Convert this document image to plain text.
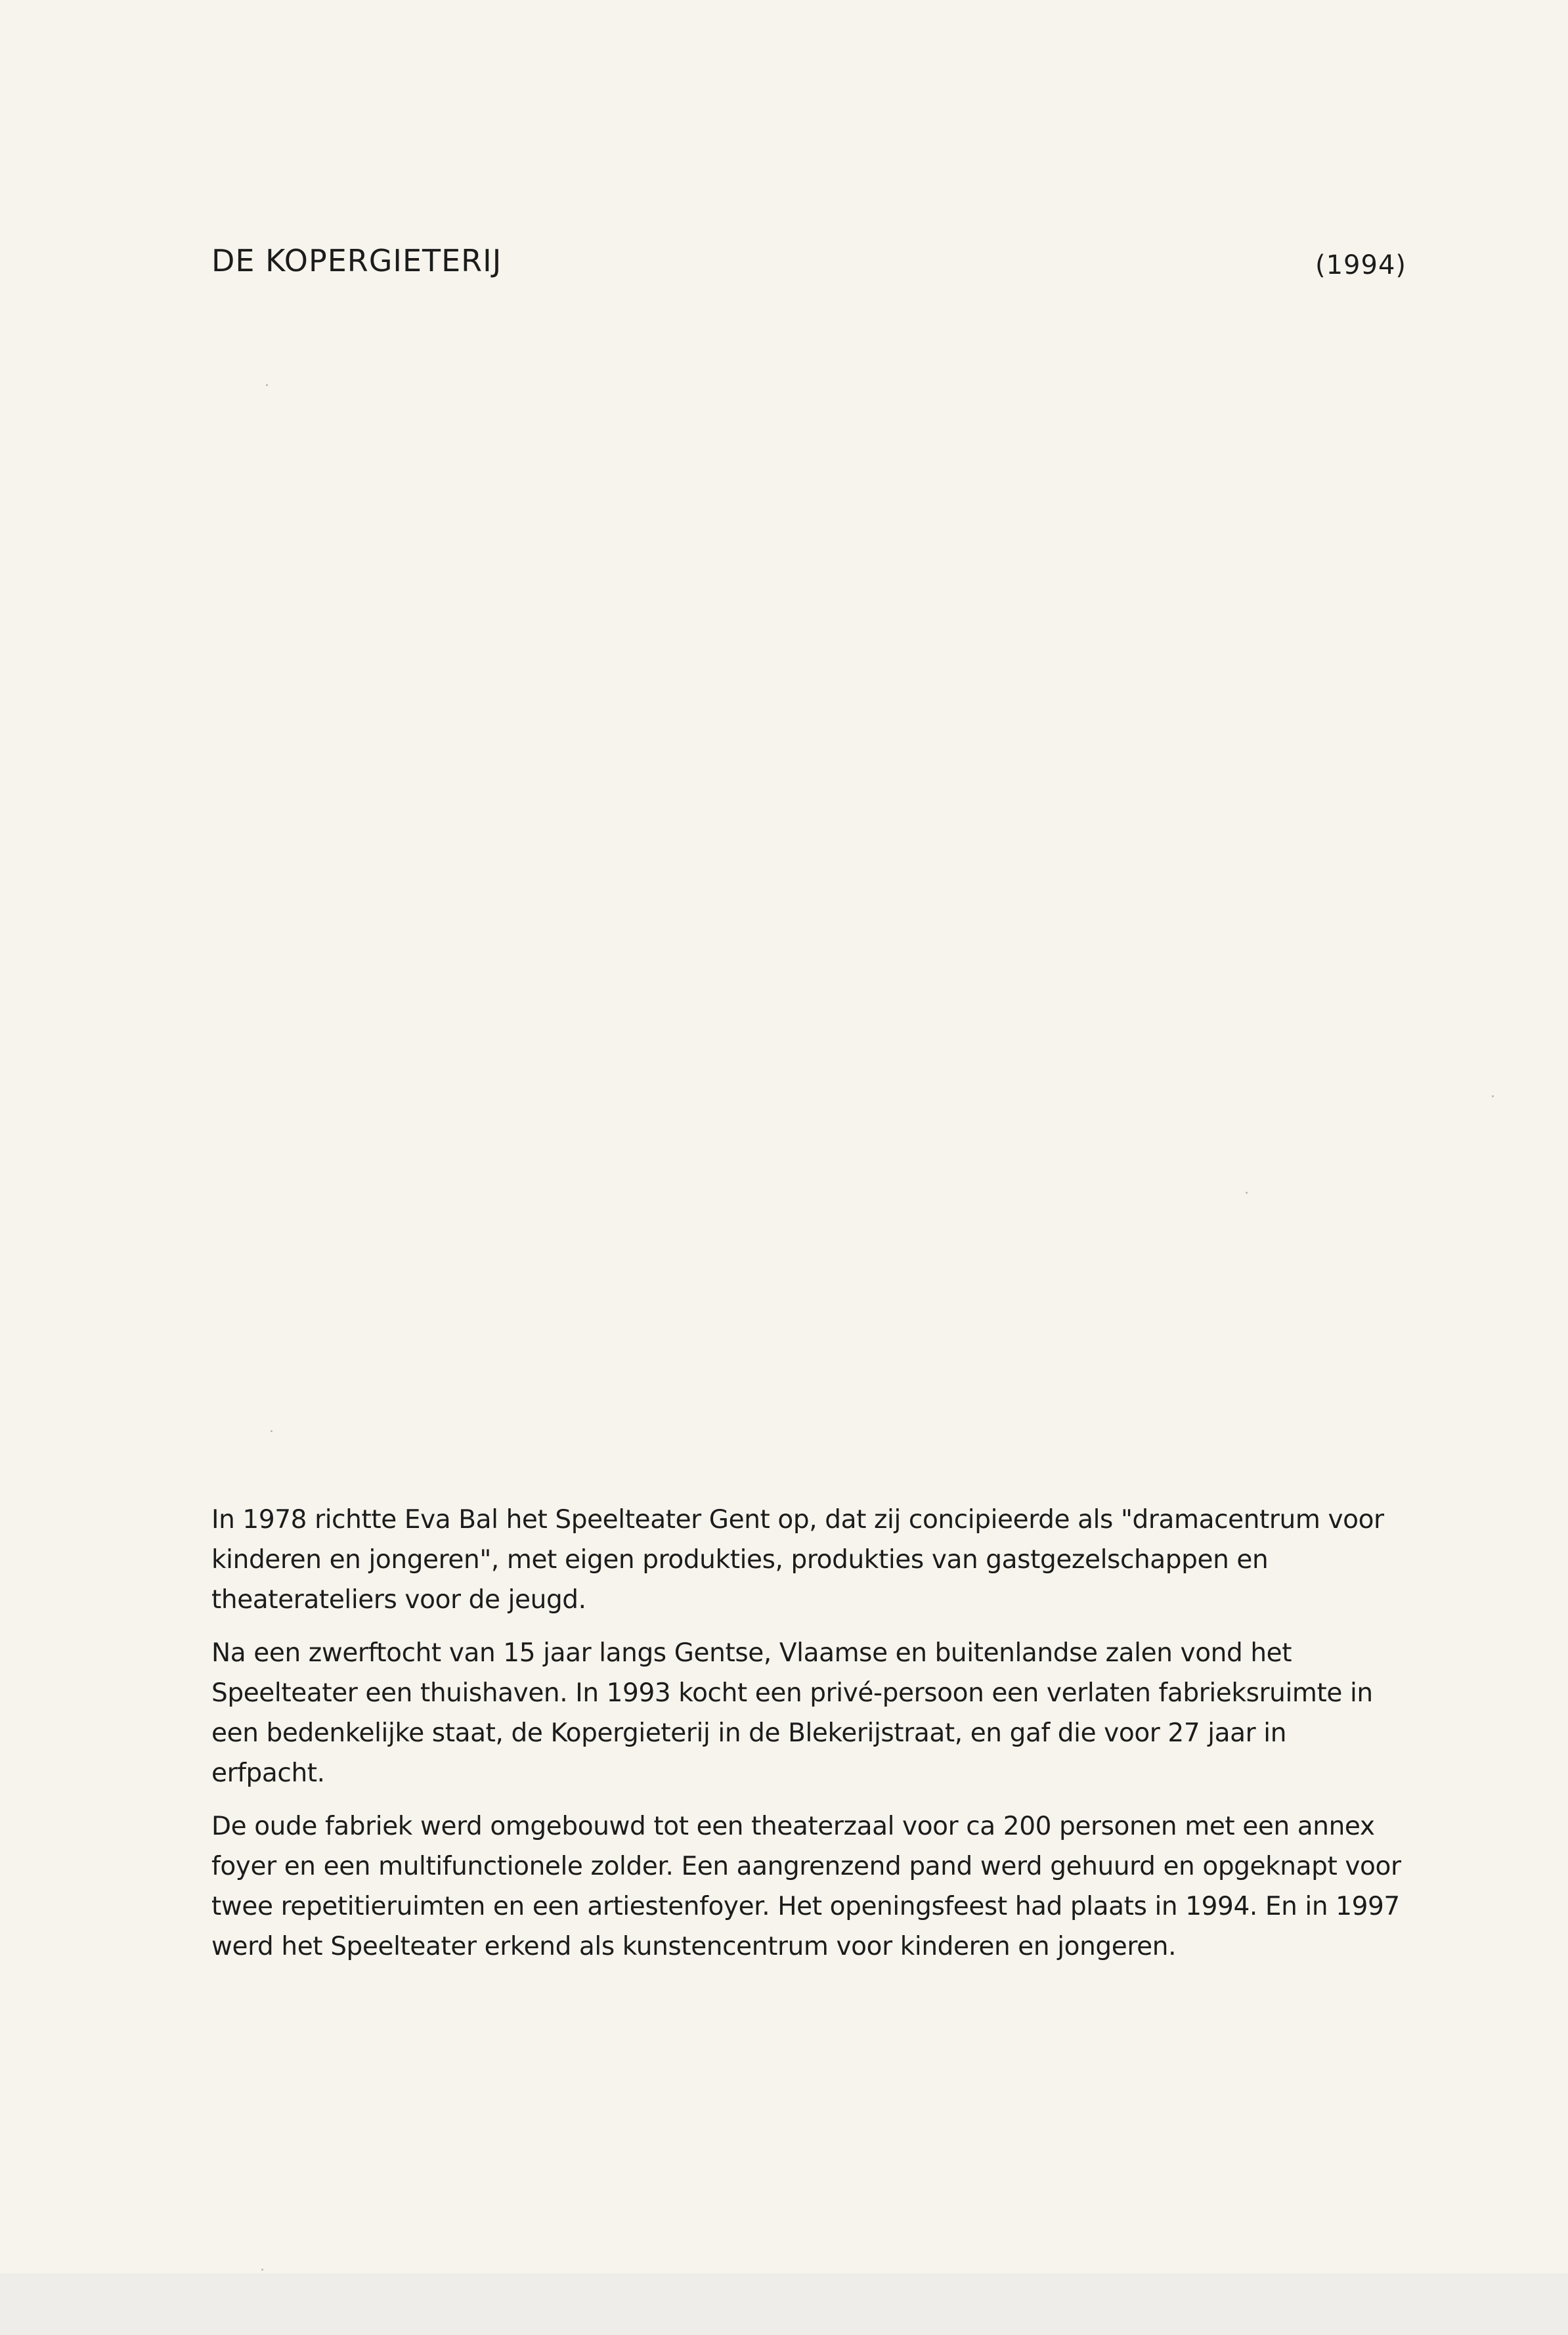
DE KOPERGIETERIJ	(1994)

In 1978 richtte Eva Bal het Speelteater Gent op, dat zij concipieerde als "dramacentrum voor kinderen en jongeren", met eigen produkties, produkties van gastgezelschappen en theaterateliers voor de jeugd.

Na een zwerftocht van 15 jaar langs Gentse, Vlaamse en buitenlandse zalen vond het Speelteater een thuishaven. In 1993 kocht een privé-persoon een verlaten fabrieksruimte in een bedenkelijke staat, de Kopergieterij in de Blekerijstraat, en gaf die voor 27 jaar in erfpacht.

De oude fabriek werd omgebouwd tot een theaterzaal voor ca 200 personen met een annex foyer en een multifunctionele zolder. Een aangrenzend pand werd gehuurd en opgeknapt voor twee repetitieruimten en een artiestenfoyer. Het openingsfeest had plaats in 1994. En in 1997 werd het Speelteater erkend als kunstencentrum voor kinderen en jongeren.
